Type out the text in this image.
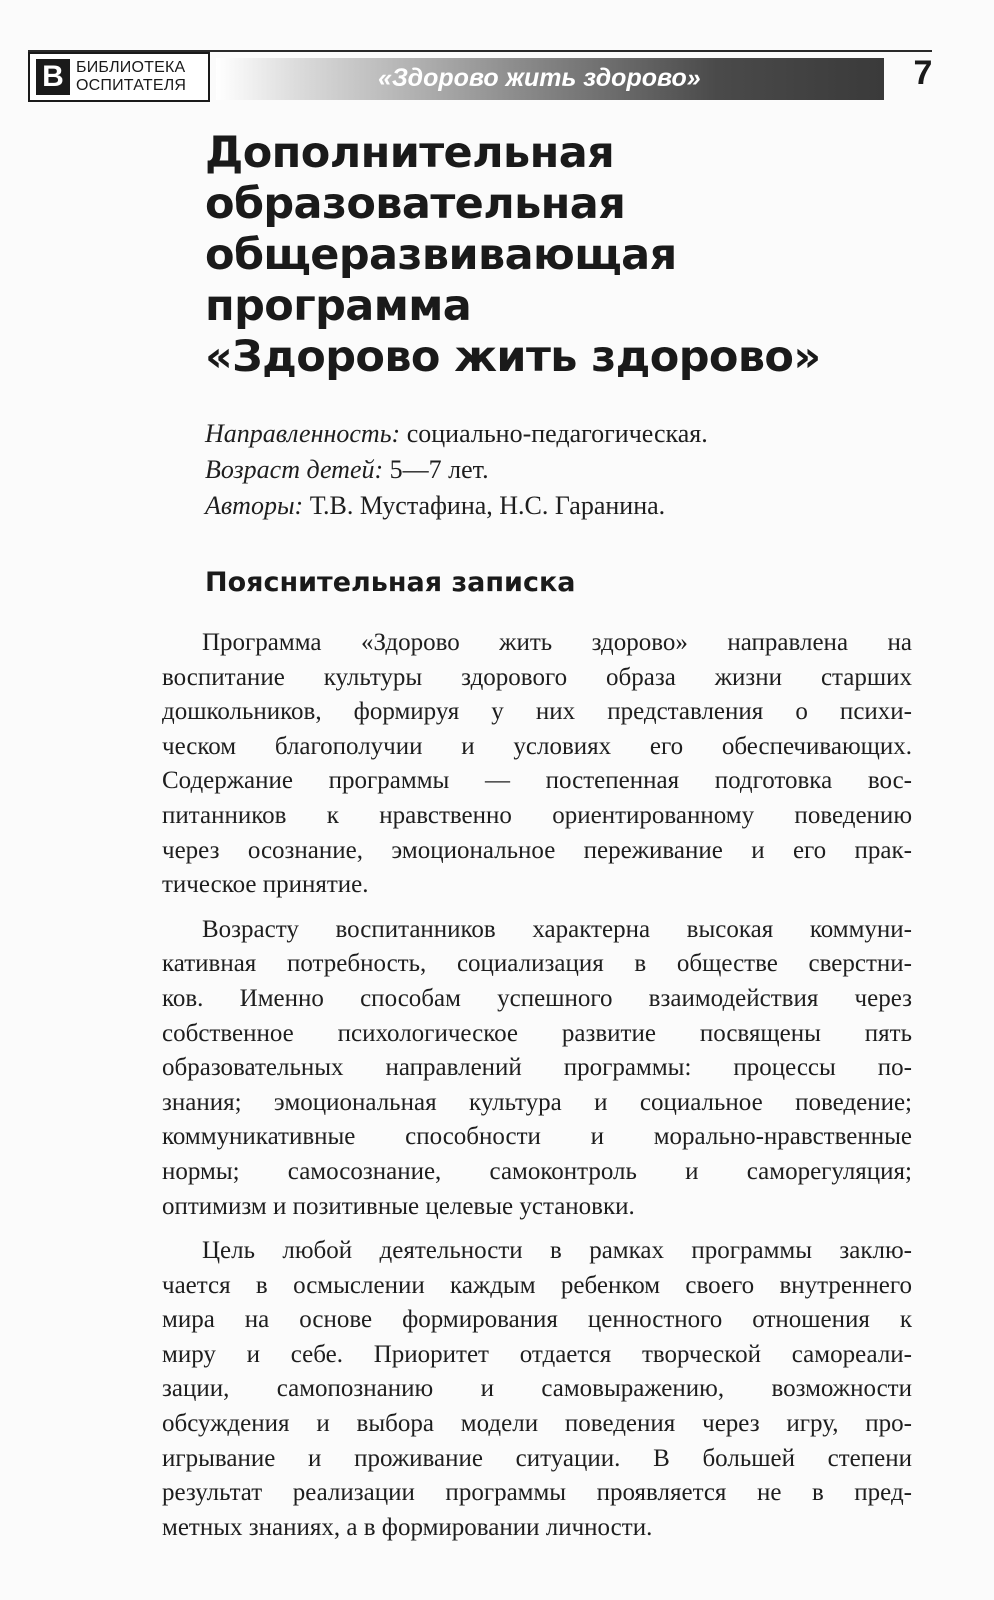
В БИБЛИОТЕКА
ОСПИТАТЕЛЯ	«Здорово жить здорово»	7
Дополнительная
образовательная
общеразвивающая
программа
«Здорово жить здорово»
Направленность: социально-педагогическая.
Возраст детей: 5—7 лет.
Авторы: Т.В. Мустафина, Н.С. Гаранина.
Пояснительная записка

Программа «Здорово жить здорово» направлена на
воспитание культуры здорового образа жизни старших
дошкольников, формируя у них представления о психи-
ческом благополучии и условиях его обеспечивающих.
Содержание программы — постепенная подготовка вос-
питанников к нравственно ориентированному поведению
через осознание, эмоциональное переживание и его прак-
тическое принятие.

Возрасту воспитанников характерна высокая коммуни-
кативная потребность, социализация в обществе сверстни-
ков. Именно способам успешного взаимодействия через
собственное психологическое развитие посвящены пять
образовательных направлений программы: процессы по-
знания; эмоциональная культура и социальное поведение;
коммуникативные способности и морально-нравственные
нормы; самосознание, самоконтроль и саморегуляция;
оптимизм и позитивные целевые установки.

Цель любой деятельности в рамках программы заклю-
чается в осмыслении каждым ребенком своего внутреннего
мира на основе формирования ценностного отношения к
миру и себе. Приоритет отдается творческой самореали-
зации, самопознанию и самовыражению, возможности
обсуждения и выбора модели поведения через игру, про-
игрывание и проживание ситуации. В большей степени
результат реализации программы проявляется не в пред-
метных знаниях, а в формировании личности.
